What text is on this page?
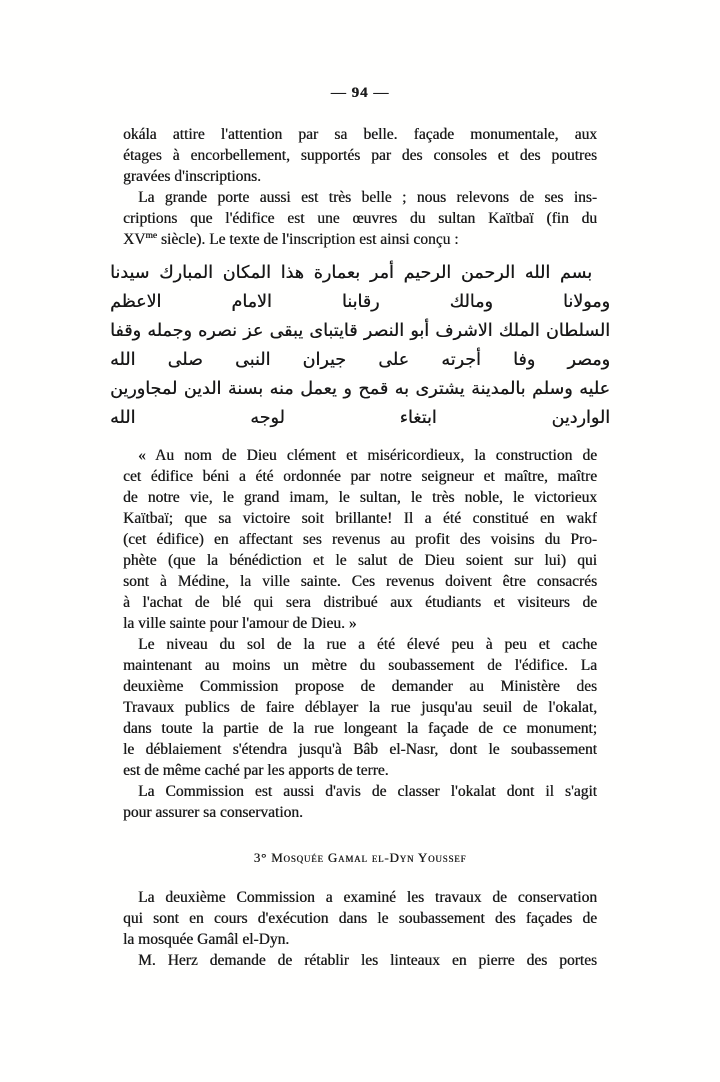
— 94 —
okála attire l'attention par sa belle. façade monumentale, aux
étages à encorbellement, supportés par des consoles et des poutres
gravées d'inscriptions.
La grande porte aussi est très belle ; nous relevons de ses ins-
criptions que l'édifice est une œuvres du sultan Kaïtbaï (fin du
$XV^{me}$ siècle). Le texte de l'inscription est ainsi conçu :
بسم الله الرحمن الرحيم أمر بعمارة هذا المكان المبارك سيدنا ومولانا ومالك رقابنا الامام الاعظم
السلطان الملك الاشرف أبو النصر قايتباى يبقى عز نصره وجمله وقفا ومصر وفا أجرته على جيران النبى صلى الله
عليه وسلم بالمدينة يشترى به قمح و يعمل منه بسنة الدين لمجاورين الواردين ابتغاء لوجه الله
« Au nom de Dieu clément et miséricordieux, la construction de
cet édifice béni a été ordonnée par notre seigneur et maître, maître
de notre vie, le grand imam, le sultan, le très noble, le victorieux
Kaïtbaï; que sa victoire soit brillante! Il a été constitué en wakf
(cet édifice) en affectant ses revenus au profit des voisins du Pro-
phète (que la bénédiction et le salut de Dieu soient sur lui) qui
sont à Médine, la ville sainte. Ces revenus doivent être consacrés
à l'achat de blé qui sera distribué aux étudiants et visiteurs de
la ville sainte pour l'amour de Dieu. »
Le niveau du sol de la rue a été élevé peu à peu et cache
maintenant au moins un mètre du soubassement de l'édifice. La
deuxième Commission propose de demander au Ministère des
Travaux publics de faire déblayer la rue jusqu'au seuil de l'okalat,
dans toute la partie de la rue longeant la façade de ce monument;
le déblaiement s'étendra jusqu'à Bâb el-Nasr, dont le soubassement
est de même caché par les apports de terre.
La Commission est aussi d'avis de classer l'okalat dont il s'agit
pour assurer sa conservation.
3° Mosquée Gamal el-Dyn Youssef
La deuxième Commission a examiné les travaux de conservation
qui sont en cours d'exécution dans le soubassement des façades de
la mosquée Gamâl el-Dyn.
M. Herz demande de rétablir les linteaux en pierre des portes
